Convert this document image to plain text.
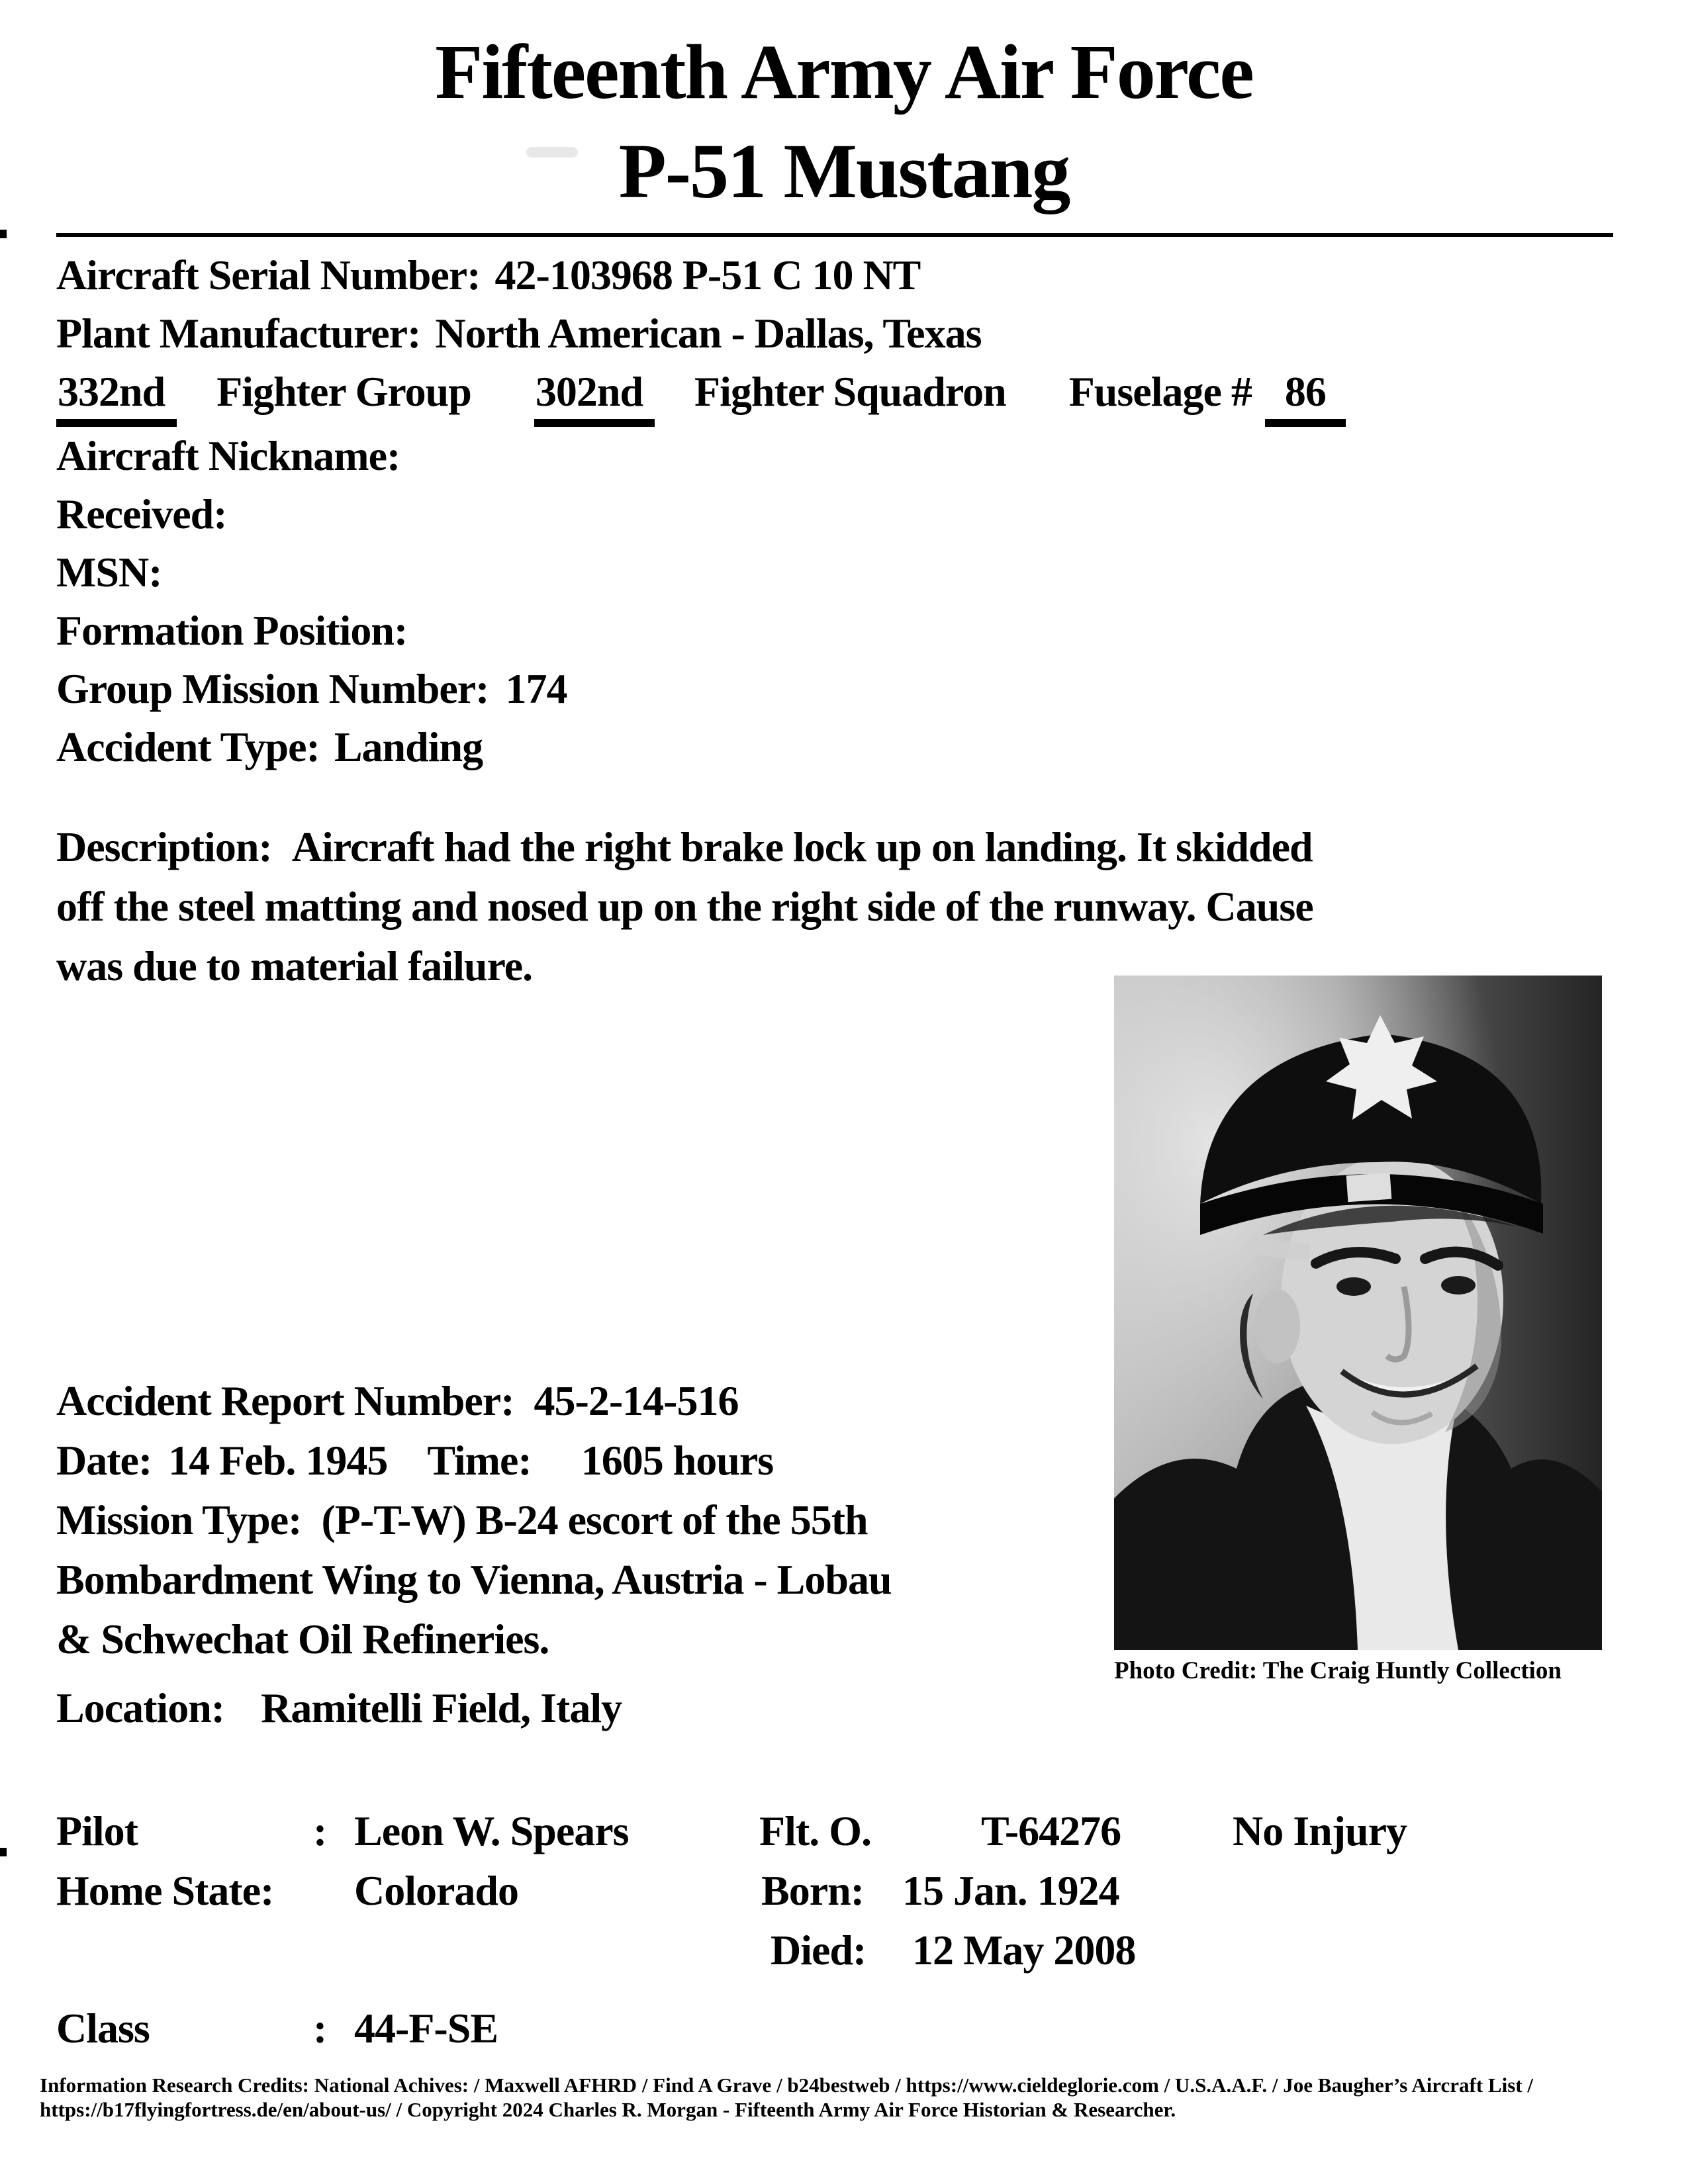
Fifteenth Army Air Force
P-51 Mustang
Aircraft Serial Number: 42-103968 P-51 C 10 NT
Plant Manufacturer: North American - Dallas, Texas
332nd Fighter Group 302nd Fighter Squadron Fuselage # 86
Aircraft Nickname:
Received:
MSN:
Formation Position:
Group Mission Number: 174
Accident Type: Landing
Description: Aircraft had the right brake lock up on landing. It skidded
off the steel matting and nosed up on the right side of the runway. Cause
was due to material failure.
Photo Credit: The Craig Huntly Collection
Accident Report Number: 45-2-14-516
Date: 14 Feb. 1945 Time: 1605 hours
Mission Type: (P-T-W) B-24 escort of the 55th
Bombardment Wing to Vienna, Austria - Lobau
& Schwechat Oil Refineries.
Location: Ramitelli Field, Italy
Pilot	: Leon W. Spears	Flt. O.	T-64276	No Injury
Home State:	Colorado	Born: 15 Jan. 1924
Died:	12 May 2008
Class	: 44-F-SE
Information Research Credits: National Achives: / Maxwell AFHRD / Find A Grave / b24bestweb / https://www.cieldeglorie.com / U.S.A.A.F. / Joe Baugher’s Aircraft List /
https://b17flyingfortress.de/en/about-us/ / Copyright 2024 Charles R. Morgan - Fifteenth Army Air Force Historian & Researcher.
